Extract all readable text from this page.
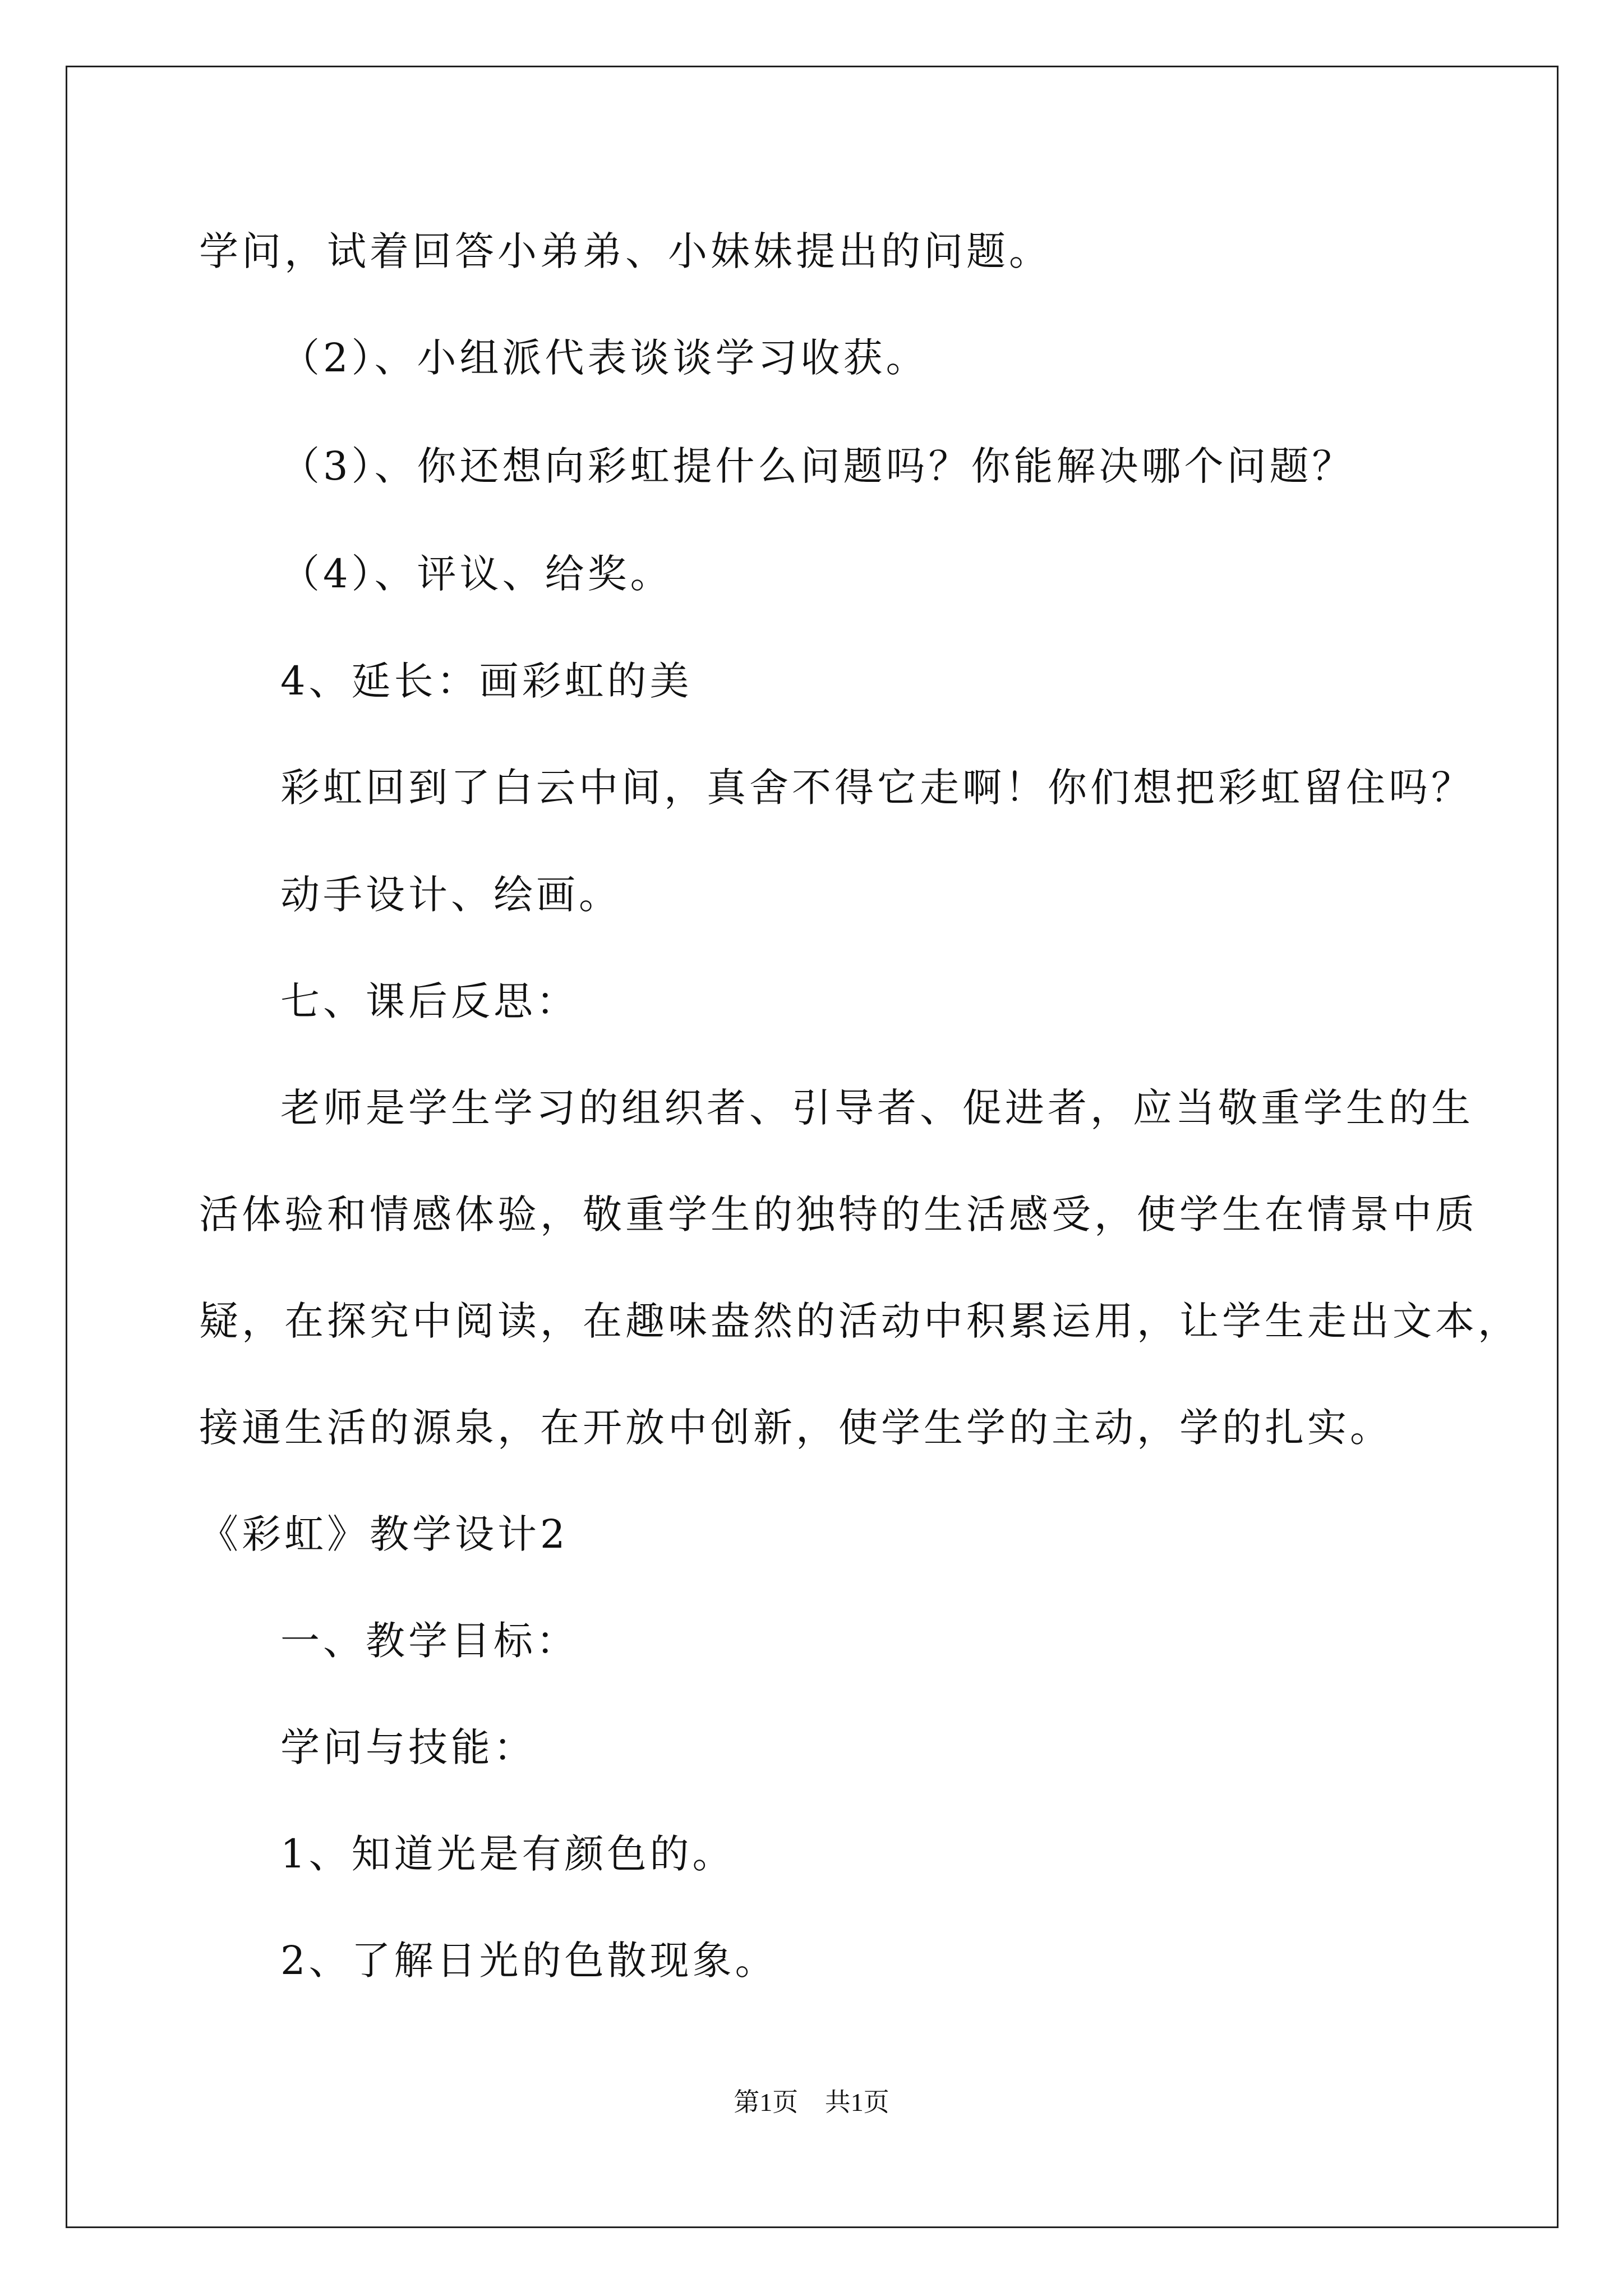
学问，试着回答小弟弟、小妹妹提出的问题。
（2）、小组派代表谈谈学习收获。
（3）、你还想向彩虹提什么问题吗？你能解决哪个问题？
（4）、评议、给奖。
4、延长：画彩虹的美
彩虹回到了白云中间，真舍不得它走啊！你们想把彩虹留住吗？
动手设计、绘画。
七、课后反思：
老师是学生学习的组织者、引导者、促进者，应当敬重学生的生
活体验和情感体验，敬重学生的独特的生活感受，使学生在情景中质
疑，在探究中阅读，在趣味盎然的活动中积累运用，让学生走出文本，
接通生活的源泉，在开放中创新，使学生学的主动，学的扎实。
《彩虹》教学设计2
一、教学目标：
学问与技能：
1、知道光是有颜色的。
2、了解日光的色散现象。
第1页 共1页
